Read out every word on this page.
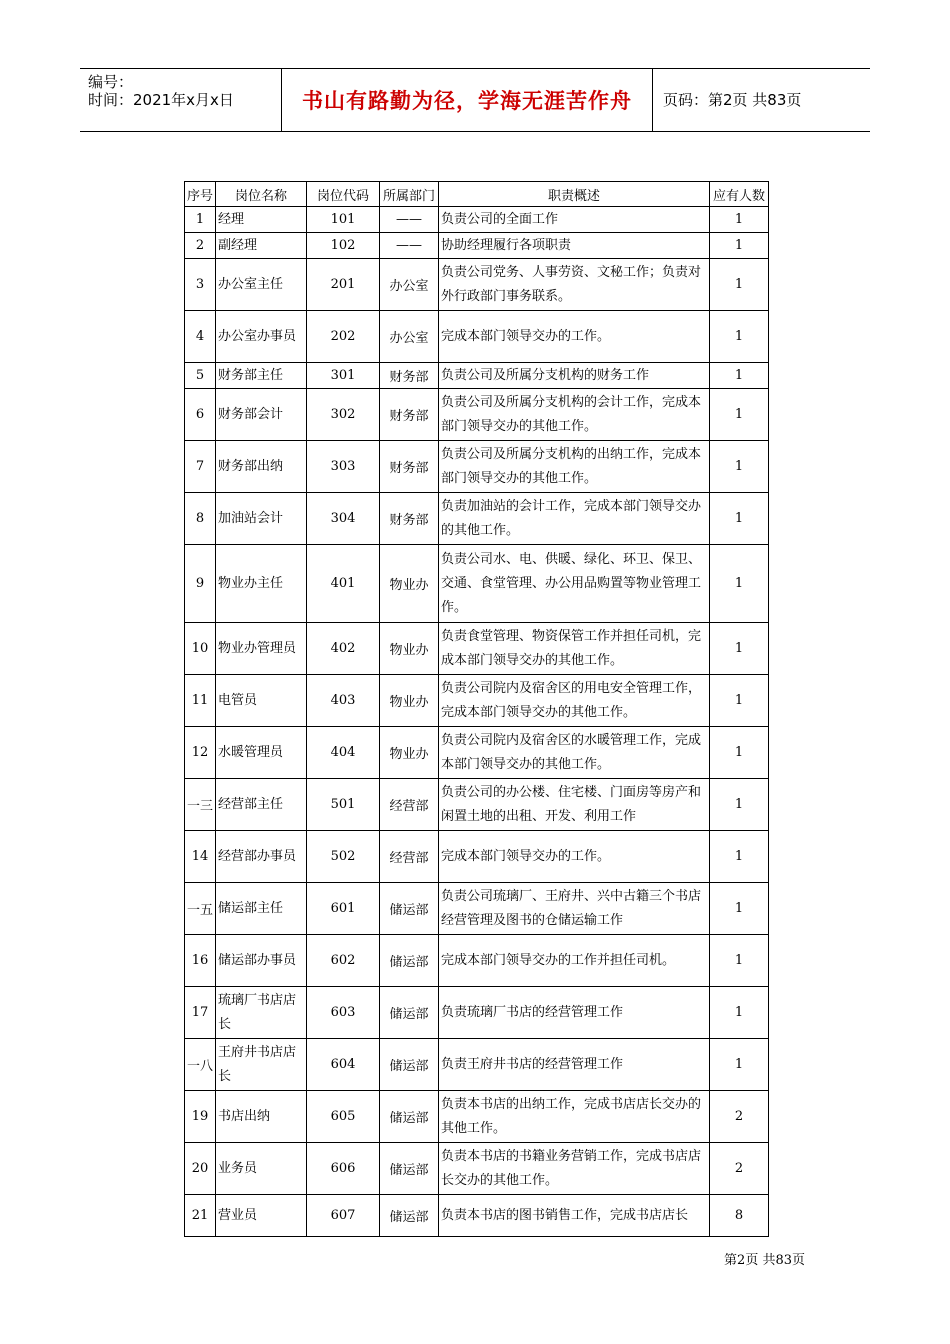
编号：
时间：2021年x月x日	书山有路勤为径，学海无涯苦作舟	页码：第2页 共83页
序号	岗位名称	岗位代码	所属部门	职责概述	应有人数
1	经理	101	——	负责公司的全面工作	1
2	副经理	102	——	协助经理履行各项职责	1
3	办公室主任	201	办公室	负责公司党务、人事劳资、文秘工作；负责对外行政部门事务联系。	1
4	办公室办事员	202	办公室	完成本部门领导交办的工作。	1
5	财务部主任	301	财务部	负责公司及所属分支机构的财务工作	1
6	财务部会计	302	财务部	负责公司及所属分支机构的会计工作，完成本部门领导交办的其他工作。	1
7	财务部出纳	303	财务部	负责公司及所属分支机构的出纳工作，完成本部门领导交办的其他工作。	1
8	加油站会计	304	财务部	负责加油站的会计工作，完成本部门领导交办的其他工作。	1
9	物业办主任	401	物业办	负责公司水、电、供暖、绿化、环卫、保卫、交通、食堂管理、办公用品购置等物业管理工作。	1
10	物业办管理员	402	物业办	负责食堂管理、物资保管工作并担任司机，完成本部门领导交办的其他工作。	1
11	电管员	403	物业办	负责公司院内及宿舍区的用电安全管理工作，完成本部门领导交办的其他工作。	1
12	水暖管理员	404	物业办	负责公司院内及宿舍区的水暖管理工作，完成本部门领导交办的其他工作。	1
一三	经营部主任	501	经营部	负责公司的办公楼、住宅楼、门面房等房产和闲置土地的出租、开发、利用工作	1
14	经营部办事员	502	经营部	完成本部门领导交办的工作。	1
一五	储运部主任	601	储运部	负责公司琉璃厂、王府井、兴中古籍三个书店经营管理及图书的仓储运输工作	1
16	储运部办事员	602	储运部	完成本部门领导交办的工作并担任司机。	1
17	琉璃厂书店店长	603	储运部	负责琉璃厂书店的经营管理工作	1
一八	王府井书店店长	604	储运部	负责王府井书店的经营管理工作	1
19	书店出纳	605	储运部	负责本书店的出纳工作，完成书店店长交办的其他工作。	2
20	业务员	606	储运部	负责本书店的书籍业务营销工作，完成书店店长交办的其他工作。	2
21	营业员	607	储运部	负责本书店的图书销售工作，完成书店店长	8
第2页 共83页
